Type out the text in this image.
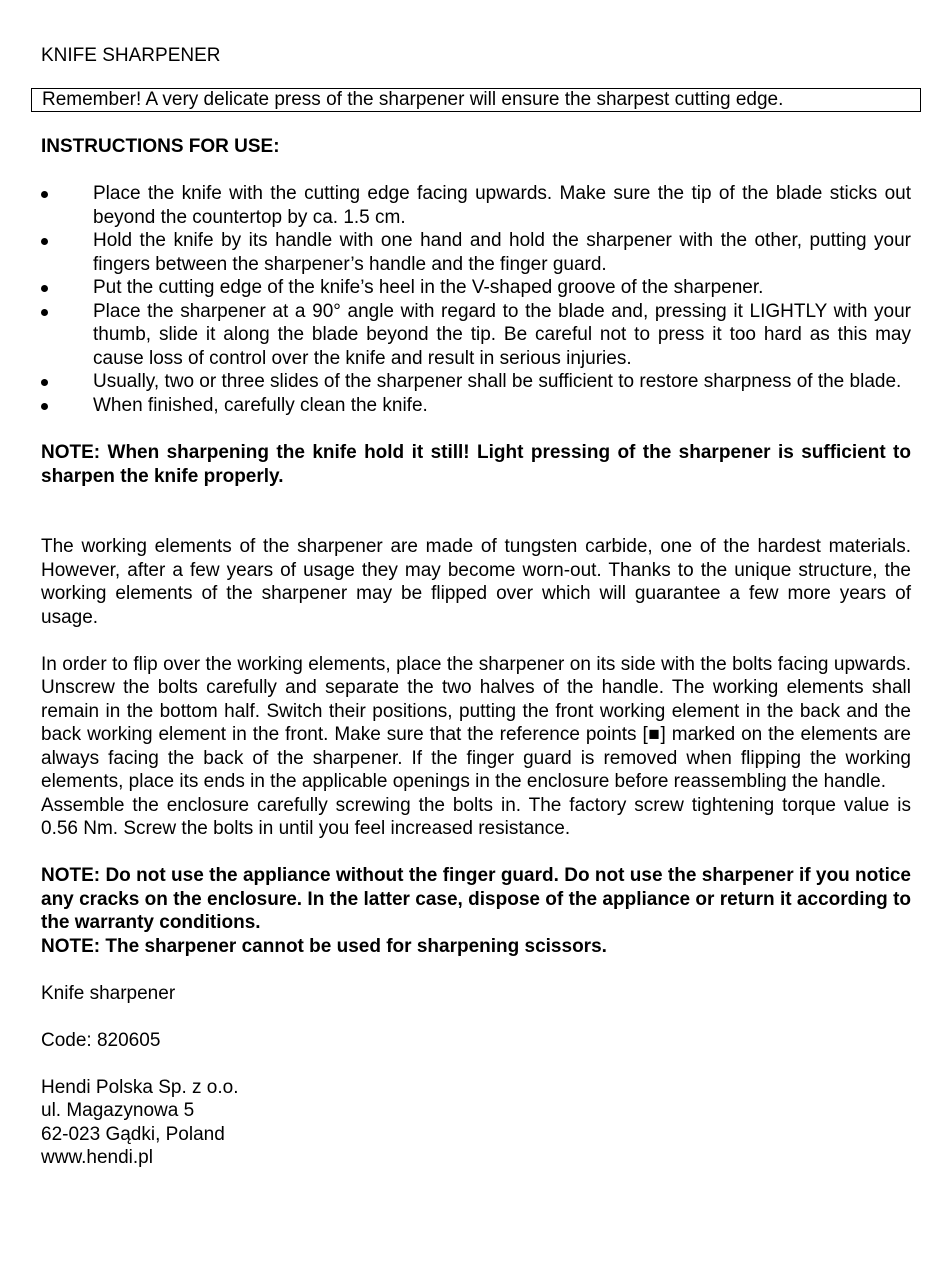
KNIFE SHARPENER
Remember! A very delicate press of the sharpener will ensure the sharpest cutting edge.
INSTRUCTIONS FOR USE:
Place the knife with the cutting edge facing upwards. Make sure the tip of the blade sticks out beyond the countertop by ca. 1.5 cm.
Hold the knife by its handle with one hand and hold the sharpener with the other, putting your fingers between the sharpener’s handle and the finger guard.
Put the cutting edge of the knife’s heel in the V-shaped groove of the sharpener.
Place the sharpener at a 90° angle with regard to the blade and, pressing it LIGHTLY with your thumb, slide it along the blade beyond the tip. Be careful not to press it too hard as this may cause loss of control over the knife and result in serious injuries.
Usually, two or three slides of the sharpener shall be sufficient to restore sharpness of the blade.
When finished, carefully clean the knife.
NOTE: When sharpening the knife hold it still! Light pressing of the sharpener is sufficient to sharpen the knife properly.

The working elements of the sharpener are made of tungsten carbide, one of the hardest materials. However, after a few years of usage they may become worn-out. Thanks to the unique structure, the working elements of the sharpener may be flipped over which will guarantee a few more years of usage.

In order to flip over the working elements, place the sharpener on its side with the bolts facing upwards. Unscrew the bolts carefully and separate the two halves of the handle. The working elements shall remain in the bottom half. Switch their positions, putting the front working element in the back and the back working element in the front. Make sure that the reference points [■] marked on the elements are always facing the back of the sharpener. If the finger guard is removed when flipping the working elements, place its ends in the applicable openings in the enclosure before reassembling the handle.

Assemble the enclosure carefully screwing the bolts in. The factory screw tightening torque value is 0.56 Nm. Screw the bolts in until you feel increased resistance.

NOTE: Do not use the appliance without the finger guard. Do not use the sharpener if you notice any cracks on the enclosure. In the latter case, dispose of the appliance or return it according to the warranty conditions.

NOTE: The sharpener cannot be used for sharpening scissors.

Knife sharpener

Code: 820605

Hendi Polska Sp. z o.o.

ul. Magazynowa 5

62-023 Gądki, Poland

www.hendi.pl
